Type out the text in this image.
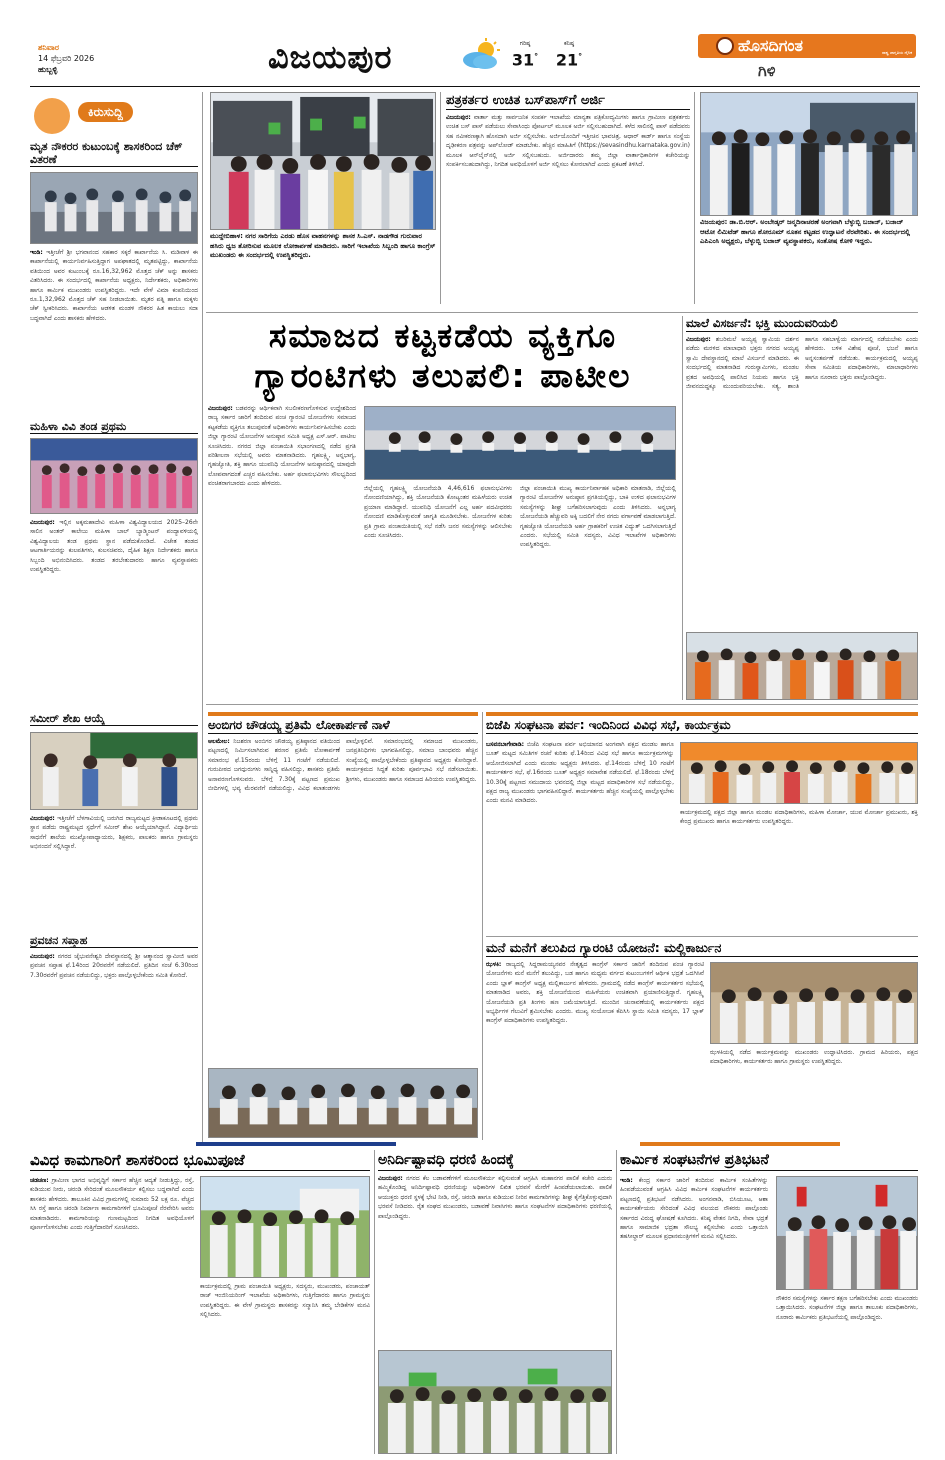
ಶನಿವಾರ
14 ಫೆಬ್ರವರಿ 2026
ಹುಬ್ಬಳ್ಳಿ	ವಿಜಯಪುರ	ಗರಿಷ್ಠ
31°
ಕನಿಷ್ಠ
21°
ಹೊಸದಿಗಂತ	ರಾಷ್ಟ್ರ ಜಾಗೃತಿಯ ದೈನಿಕ
ಗಿಳಿ
ಕಿರುಸುದ್ದಿ
ಮೃತ ನೌಕರರ ಕುಟುಂಬಕ್ಕೆ ಶಾಸಕರಿಂದ ಚೆಕ್ ವಿತರಣೆ
ಇಂಡಿ: ಇತ್ತೀಚೆಗೆ ಶ್ರೀ ಭಗವಾನಂದ ಸಹಕಾರ ಸಕ್ಕರೆ ಕಾರ್ಖಾನೆಯ ಸಿ. ಮಡಿವಾಳ ಈ ಕಾರ್ಖಾನೆಯಲ್ಲಿ ಕಾರ್ಯನಿರ್ವಹಿಸುತ್ತಿದ್ದಾಗ ಅಪಘಾತದಲ್ಲಿ ಮೃತಪಟ್ಟಿದ್ದು, ಕಾರ್ಖಾನೆಯ ವತಿಯಿಂದ ಅವರ ಕುಟುಂಬಕ್ಕೆ ರೂ.16,32,962 ಮೊತ್ತದ ಚೆಕ್ ಅನ್ನು ಶಾಸಕರು ವಿತರಿಸಿದರು. ಈ ಸಂದರ್ಭದಲ್ಲಿ ಕಾರ್ಖಾನೆಯ ಅಧ್ಯಕ್ಷರು, ನಿರ್ದೇಶಕರು, ಅಧಿಕಾರಿಗಳು ಹಾಗೂ ಕಾರ್ಮಿಕ ಮುಖಂಡರು ಉಪಸ್ಥಿತರಿದ್ದರು. ಇದೇ ವೇಳೆ ವಿಮಾ ಕಂಪನಿಯಿಂದ ರೂ.1,32,962 ಮೊತ್ತದ ಚೆಕ್ ಸಹ ನೀಡಲಾಯಿತು. ಮೃತರ ಪತ್ನಿ ಹಾಗೂ ಮಕ್ಕಳು ಚೆಕ್ ಸ್ವೀಕರಿಸಿದರು. ಕಾರ್ಖಾನೆಯ ಆಡಳಿತ ಮಂಡಳಿ ನೌಕರರ ಹಿತ ಕಾಯಲು ಸದಾ ಬದ್ಧವಾಗಿದೆ ಎಂದು ಶಾಸಕರು ಹೇಳಿದರು.
ಮಹಿಳಾ ವಿವಿ ತಂಡ ಪ್ರಥಮ
ವಿಜಯಪುರ: ಇಲ್ಲಿನ ಅಕ್ಕಮಹಾದೇವಿ ಮಹಿಳಾ ವಿಶ್ವವಿದ್ಯಾಲಯದ 2025–26ನೇ ಸಾಲಿನ ಅಂತರ್ ಕಾಲೇಜು ಮಹಿಳಾ ಬಾಲ್ ಬ್ಯಾಡ್ಮಿಂಟನ್ ಪಂದ್ಯಾವಳಿಯಲ್ಲಿ ವಿಶ್ವವಿದ್ಯಾಲಯ ತಂಡ ಪ್ರಥಮ ಸ್ಥಾನ ಪಡೆದುಕೊಂಡಿದೆ. ವಿಜೇತ ತಂಡದ ಆಟಗಾರ್ತಿಯರನ್ನು ಕುಲಪತಿಗಳು, ಕುಲಸಚಿವರು, ದೈಹಿಕ ಶಿಕ್ಷಣ ನಿರ್ದೇಶಕರು ಹಾಗೂ ಸಿಬ್ಬಂದಿ ಅಭಿನಂದಿಸಿದರು. ತಂಡದ ತರಬೇತುದಾರರು ಹಾಗೂ ವ್ಯವಸ್ಥಾಪಕರು ಉಪಸ್ಥಿತರಿದ್ದರು.
ಸಮೀರ್ ಶೇಖ ಆಯ್ಕೆ
ವಿಜಯಪುರ: ಇತ್ತೀಚೆಗೆ ಬೆಳಗಾವಿಯಲ್ಲಿ ಜರುಗಿದ ರಾಜ್ಯಮಟ್ಟದ ಕ್ರೀಡಾಕೂಟದಲ್ಲಿ ಪ್ರಥಮ ಸ್ಥಾನ ಪಡೆದು ರಾಷ್ಟ್ರಮಟ್ಟದ ಸ್ಪರ್ಧೆಗೆ ಸಮೀರ್ ಶೇಖ ಆಯ್ಕೆಯಾಗಿದ್ದಾನೆ. ವಿದ್ಯಾರ್ಥಿಯ ಸಾಧನೆಗೆ ಶಾಲೆಯ ಮುಖ್ಯೋಪಾಧ್ಯಾಯರು, ಶಿಕ್ಷಕರು, ಪಾಲಕರು ಹಾಗೂ ಗ್ರಾಮಸ್ಥರು ಅಭಿನಂದನೆ ಸಲ್ಲಿಸಿದ್ದಾರೆ.
ಪ್ರವಚನ ಸಪ್ತಾಹ
ವಿಜಯಪುರ: ನಗರದ ಜೈಭುವನೇಶ್ವರಿ ದೇವಸ್ಥಾನದಲ್ಲಿ ಶ್ರೀ ಆತ್ಮಾನಂದ ಸ್ವಾಮೀಜಿ ಅವರ ಪ್ರವಚನ ಸಪ್ತಾಹ ಫೆ.14ರಿಂದ 20ರವರೆಗೆ ನಡೆಯಲಿದೆ. ಪ್ರತಿದಿನ ಸಂಜೆ 6.30ರಿಂದ 7.30ರವರೆಗೆ ಪ್ರವಚನ ನಡೆಯಲಿದ್ದು, ಭಕ್ತರು ಪಾಲ್ಗೊಳ್ಳಬೇಕೆಂದು ಸಮಿತಿ ಕೋರಿದೆ.
ಮುದ್ದೇಬಿಹಾಳ: ನಗರ ಸಾರಿಗೆಯ ಎರಡು ಹೊಸ ವಾಹನಗಳನ್ನು ಶಾಸಕ ಸಿ.ಎಸ್. ನಾಡಗೌಡ ಗುರುವಾರ ಹಸಿರು ಧ್ವಜ ತೋರಿಸುವ ಮೂಲಕ ಲೋಕಾರ್ಪಣೆ ಮಾಡಿದರು. ಸಾರಿಗೆ ಇಲಾಖೆಯ ಸಿಬ್ಬಂದಿ ಹಾಗೂ ಕಾಂಗ್ರೆಸ್ ಮುಖಂಡರು ಈ ಸಂದರ್ಭದಲ್ಲಿ ಉಪಸ್ಥಿತರಿದ್ದರು.
ಪತ್ರಕರ್ತರ ಉಚಿತ ಬಸ್‌ಪಾಸ್‌ಗೆ ಅರ್ಜಿ
ವಿಜಯಪುರ: ವಾರ್ತಾ ಮತ್ತು ಸಾರ್ವಜನಿಕ ಸಂಪರ್ಕ ಇಲಾಖೆಯ ಮಾನ್ಯತಾ ಪತ್ರಿಕೋದ್ಯಮಿಗಳು ಹಾಗೂ ಗ್ರಾಮೀಣ ಪತ್ರಕರ್ತರು ಉಚಿತ ಬಸ್ ಪಾಸ್ ಪಡೆಯಲು ಸೇವಾಸಿಂಧು ಪೋರ್ಟಲ್ ಮೂಲಕ ಅರ್ಜಿ ಸಲ್ಲಿಸಬಹುದಾಗಿದೆ. ಕಳೆದ ಸಾಲಿನಲ್ಲಿ ಪಾಸ್ ಪಡೆದವರು ಸಹ ನವೀಕರಣಕ್ಕಾಗಿ ಹೊಸದಾಗಿ ಅರ್ಜಿ ಸಲ್ಲಿಸಬೇಕು. ಅರ್ಜಿಯೊಂದಿಗೆ ಇತ್ತೀಚಿನ ಭಾವಚಿತ್ರ, ಆಧಾರ್ ಕಾರ್ಡ್ ಹಾಗೂ ಸಂಸ್ಥೆಯ ದೃಢೀಕರಣ ಪತ್ರವನ್ನು ಅಪ್‌ಲೋಡ್ ಮಾಡಬೇಕು. ಹೆಚ್ಚಿನ ಮಾಹಿತಿಗೆ (https://sevasindhu.karnataka.gov.in) ಮೂಲಕ ಆನ್‌ಲೈನ್‌ನಲ್ಲಿ ಅರ್ಜಿ ಸಲ್ಲಿಸಬಹುದು. ಅರ್ಜಿದಾರರು ತಮ್ಮ ಜಿಲ್ಲಾ ವಾರ್ತಾಧಿಕಾರಿಗಳ ಕಚೇರಿಯನ್ನು ಸಂಪರ್ಕಿಸಬಹುದಾಗಿದ್ದು, ನಿಗದಿತ ಅವಧಿಯೊಳಗೆ ಅರ್ಜಿ ಸಲ್ಲಿಸಲು ಕೋರಲಾಗಿದೆ ಎಂದು ಪ್ರಕಟಣೆ ತಿಳಿಸಿದೆ.
ವಿಜಯಪುರ: ಡಾ.ಬಿ.ಆರ್. ಅಂಬೇಡ್ಕರ್ ಜನ್ಮದಿನಾಚರಣೆ ಅಂಗವಾಗಿ ಬೆಳ್ಳುಬ್ಬಿ ಬಜಾಜ್, ಬಜಾಜ್ ಆಟೋ ಲಿಮಿಟೆಡ್ ಹಾಗೂ ಶೋರೂಮ್ ನೂತನ ಕಟ್ಟಡದ ಉದ್ಘಾಟನೆ ನೆರವೇರಿತು. ಈ ಸಂದರ್ಭದಲ್ಲಿ ಎಪಿಎಂಸಿ ಅಧ್ಯಕ್ಷರು, ಬೆಳ್ಳುಬ್ಬಿ ಬಜಾಜ್ ವ್ಯವಸ್ಥಾಪಕರು, ಸಂತೋಷ ಕೋಳಿ ಇದ್ದರು.
ಸಮಾಜದ ಕಟ್ಟಕಡೆಯ ವ್ಯಕ್ತಿಗೂ
ಗ್ಯಾರಂಟಿಗಳು ತಲುಪಲಿ: ಪಾಟೀಲ
ವಿಜಯಪುರ: ಬಡವರನ್ನು ಆರ್ಥಿಕವಾಗಿ ಸಬಲೀಕರಣಗೊಳಿಸುವ ಉದ್ದೇಶದಿಂದ ರಾಜ್ಯ ಸರ್ಕಾರ ಜಾರಿಗೆ ತಂದಿರುವ ಪಂಚ ಗ್ಯಾರಂಟಿ ಯೋಜನೆಗಳು ಸಮಾಜದ ಕಟ್ಟಕಡೆಯ ವ್ಯಕ್ತಿಗೂ ತಲುಪುವಂತೆ ಅಧಿಕಾರಿಗಳು ಕಾರ್ಯನಿರ್ವಹಿಸಬೇಕು ಎಂದು ಜಿಲ್ಲಾ ಗ್ಯಾರಂಟಿ ಯೋಜನೆಗಳ ಅನುಷ್ಠಾನ ಸಮಿತಿ ಅಧ್ಯಕ್ಷ ಎಸ್.ಆರ್. ಪಾಟೀಲ ಸೂಚಿಸಿದರು. ನಗರದ ಜಿಲ್ಲಾ ಪಂಚಾಯಿತಿ ಸಭಾಂಗಣದಲ್ಲಿ ನಡೆದ ಪ್ರಗತಿ ಪರಿಶೀಲನಾ ಸಭೆಯಲ್ಲಿ ಅವರು ಮಾತನಾಡಿದರು. ಗೃಹಲಕ್ಷ್ಮಿ, ಅನ್ನಭಾಗ್ಯ, ಗೃಹಜ್ಯೋತಿ, ಶಕ್ತಿ ಹಾಗೂ ಯುವನಿಧಿ ಯೋಜನೆಗಳ ಅನುಷ್ಠಾನದಲ್ಲಿ ಯಾವುದೇ ಲೋಪವಾಗದಂತೆ ಎಚ್ಚರ ವಹಿಸಬೇಕು. ಅರ್ಹ ಫಲಾನುಭವಿಗಳು ಸೌಲಭ್ಯದಿಂದ ವಂಚಿತರಾಗಬಾರದು ಎಂದು ಹೇಳಿದರು.
ಜಿಲ್ಲೆಯಲ್ಲಿ ಗೃಹಲಕ್ಷ್ಮಿ ಯೋಜನೆಯಡಿ 4,46,616 ಫಲಾನುಭವಿಗಳು ನೋಂದಣಿಯಾಗಿದ್ದು, ಶಕ್ತಿ ಯೋಜನೆಯಡಿ ಕೋಟ್ಯಂತರ ಮಹಿಳೆಯರು ಉಚಿತ ಪ್ರಯಾಣ ಮಾಡಿದ್ದಾರೆ. ಯುವನಿಧಿ ಯೋಜನೆಗೆ ಎಲ್ಲ ಅರ್ಹ ಪದವೀಧರರು ನೋಂದಣಿ ಮಾಡಿಕೊಳ್ಳುವಂತೆ ಜಾಗೃತಿ ಮೂಡಿಸಬೇಕು. ಯೋಜನೆಗಳ ಕುರಿತು ಪ್ರತಿ ಗ್ರಾಮ ಪಂಚಾಯಿತಿಯಲ್ಲಿ ಸಭೆ ನಡೆಸಿ ಜನರ ಸಮಸ್ಯೆಗಳನ್ನು ಆಲಿಸಬೇಕು ಎಂದು ಸೂಚಿಸಿದರು.
ಜಿಲ್ಲಾ ಪಂಚಾಯಿತಿ ಮುಖ್ಯ ಕಾರ್ಯನಿರ್ವಾಹಕ ಅಧಿಕಾರಿ ಮಾತನಾಡಿ, ಜಿಲ್ಲೆಯಲ್ಲಿ ಗ್ಯಾರಂಟಿ ಯೋಜನೆಗಳ ಅನುಷ್ಠಾನ ಪ್ರಗತಿಯಲ್ಲಿದ್ದು, ಬಾಕಿ ಉಳಿದ ಫಲಾನುಭವಿಗಳ ಸಮಸ್ಯೆಗಳನ್ನು ಶೀಘ್ರ ಬಗೆಹರಿಸಲಾಗುವುದು ಎಂದು ತಿಳಿಸಿದರು. ಅನ್ನಭಾಗ್ಯ ಯೋಜನೆಯಡಿ ಹೆಚ್ಚುವರಿ ಅಕ್ಕಿ ಬದಲಿಗೆ ನೇರ ನಗದು ವರ್ಗಾವಣೆ ಮಾಡಲಾಗುತ್ತಿದೆ. ಗೃಹಜ್ಯೋತಿ ಯೋಜನೆಯಡಿ ಅರ್ಹ ಗ್ರಾಹಕರಿಗೆ ಉಚಿತ ವಿದ್ಯುತ್ ಒದಗಿಸಲಾಗುತ್ತಿದೆ ಎಂದರು. ಸಭೆಯಲ್ಲಿ ಸಮಿತಿ ಸದಸ್ಯರು, ವಿವಿಧ ಇಲಾಖೆಗಳ ಅಧಿಕಾರಿಗಳು ಉಪಸ್ಥಿತರಿದ್ದರು.
ಮಾಲೆ ವಿಸರ್ಜನೆ: ಭಕ್ತಿ ಮುಂದುವರಿಯಲಿ
ವಿಜಯಪುರ: ಶಬರಿಮಲೆ ಅಯ್ಯಪ್ಪ ಸ್ವಾಮಿಯ ದರ್ಶನ ಪಡೆದು ಮರಳಿದ ಮಾಲಾಧಾರಿ ಭಕ್ತರು ನಗರದ ಅಯ್ಯಪ್ಪ ಸ್ವಾಮಿ ದೇವಸ್ಥಾನದಲ್ಲಿ ಮಾಲೆ ವಿಸರ್ಜನೆ ಮಾಡಿದರು. ಈ ಸಂದರ್ಭದಲ್ಲಿ ಮಾತನಾಡಿದ ಗುರುಸ್ವಾಮಿಗಳು, ಮಂಡಲ ವ್ರತದ ಅವಧಿಯಲ್ಲಿ ಪಾಲಿಸಿದ ನಿಯಮ ಹಾಗೂ ಭಕ್ತಿ ಜೀವನದುದ್ದಕ್ಕೂ ಮುಂದುವರಿಯಬೇಕು. ಸತ್ಯ, ಶಾಂತಿ ಹಾಗೂ ಸಹಬಾಳ್ವೆಯ ಮಾರ್ಗದಲ್ಲಿ ನಡೆಯಬೇಕು ಎಂದು ಹೇಳಿದರು. ಬಳಿಕ ವಿಶೇಷ ಪೂಜೆ, ಭಜನೆ ಹಾಗೂ ಅನ್ನಸಂತರ್ಪಣೆ ನಡೆಯಿತು. ಕಾರ್ಯಕ್ರಮದಲ್ಲಿ ಅಯ್ಯಪ್ಪ ಸೇವಾ ಸಮಿತಿಯ ಪದಾಧಿಕಾರಿಗಳು, ಮಾಲಾಧಾರಿಗಳು ಹಾಗೂ ನೂರಾರು ಭಕ್ತರು ಪಾಲ್ಗೊಂಡಿದ್ದರು.
ಅಂಬಿಗರ ಚೌಡಯ್ಯ ಪ್ರತಿಮೆ ಲೋಕಾರ್ಪಣೆ ನಾಳೆ
ಆಲಮೇಲ: ನಿಜಶರಣ ಅಂಬಿಗರ ಚೌಡಯ್ಯ ಪ್ರತಿಷ್ಠಾನದ ವತಿಯಿಂದ ಪಟ್ಟಣದಲ್ಲಿ ನಿರ್ಮಿಸಲಾಗಿರುವ ಶರಣರ ಪ್ರತಿಮೆ ಲೋಕಾರ್ಪಣೆ ಸಮಾರಂಭ ಫೆ.15ರಂದು ಬೆಳಿಗ್ಗೆ 11 ಗಂಟೆಗೆ ನಡೆಯಲಿದೆ. ಗುರುಪೀಠದ ಜಗದ್ಗುರುಗಳು ಸಾನ್ನಿಧ್ಯ ವಹಿಸಲಿದ್ದು, ಶಾಸಕರು ಪ್ರತಿಮೆ ಅನಾವರಣಗೊಳಿಸುವರು. ಬೆಳಿಗ್ಗೆ 7.30ಕ್ಕೆ ಪಟ್ಟಣದ ಪ್ರಮುಖ ಬೀದಿಗಳಲ್ಲಿ ಭವ್ಯ ಮೆರವಣಿಗೆ ನಡೆಯಲಿದ್ದು, ವಿವಿಧ ಕಲಾತಂಡಗಳು ಪಾಲ್ಗೊಳ್ಳಲಿವೆ. ಸಮಾರಂಭದಲ್ಲಿ ಸಮಾಜದ ಮುಖಂಡರು, ಜನಪ್ರತಿನಿಧಿಗಳು ಭಾಗವಹಿಸಲಿದ್ದು, ಸಮಾಜ ಬಾಂಧವರು ಹೆಚ್ಚಿನ ಸಂಖ್ಯೆಯಲ್ಲಿ ಪಾಲ್ಗೊಳ್ಳಬೇಕೆಂದು ಪ್ರತಿಷ್ಠಾನದ ಅಧ್ಯಕ್ಷರು ಕೋರಿದ್ದಾರೆ. ಕಾರ್ಯಕ್ರಮದ ಸಿದ್ಧತೆ ಕುರಿತು ಪೂರ್ವಭಾವಿ ಸಭೆ ನಡೆಸಲಾಯಿತು. ಶ್ರೀಗಳು, ಮುಖಂಡರು ಹಾಗೂ ಸಮಾಜದ ಹಿರಿಯರು ಉಪಸ್ಥಿತರಿದ್ದರು.
ಬಿಜೆಪಿ ಸಂಘಟನಾ ಪರ್ವ: ಇಂದಿನಿಂದ ವಿವಿಧ ಸಭೆ, ಕಾರ್ಯಕ್ರಮ
ಬಸವನಬಾಗೇವಾಡಿ: ಬಿಜೆಪಿ ಸಂಘಟನಾ ಪರ್ವ ಅಭಿಯಾನದ ಅಂಗವಾಗಿ ಪಕ್ಷದ ಮಂಡಲ ಹಾಗೂ ಬೂತ್ ಮಟ್ಟದ ಸಮಿತಿಗಳ ರಚನೆ ಕುರಿತು ಫೆ.14ರಿಂದ ವಿವಿಧ ಸಭೆ ಹಾಗೂ ಕಾರ್ಯಕ್ರಮಗಳನ್ನು ಆಯೋಜಿಸಲಾಗಿದೆ ಎಂದು ಮಂಡಲ ಅಧ್ಯಕ್ಷರು ತಿಳಿಸಿದರು. ಫೆ.14ರಂದು ಬೆಳಿಗ್ಗೆ 10 ಗಂಟೆಗೆ ಕಾರ್ಯಕರ್ತರ ಸಭೆ, ಫೆ.16ರಂದು ಬೂತ್ ಅಧ್ಯಕ್ಷರ ಸಮಾವೇಶ ನಡೆಯಲಿದೆ. ಫೆ.18ರಂದು ಬೆಳಿಗ್ಗೆ 10.30ಕ್ಕೆ ಪಟ್ಟಣದ ಸಮುದಾಯ ಭವನದಲ್ಲಿ ಜಿಲ್ಲಾ ಮಟ್ಟದ ಪದಾಧಿಕಾರಿಗಳ ಸಭೆ ನಡೆಯಲಿದ್ದು, ಪಕ್ಷದ ರಾಜ್ಯ ಮುಖಂಡರು ಭಾಗವಹಿಸಲಿದ್ದಾರೆ. ಕಾರ್ಯಕರ್ತರು ಹೆಚ್ಚಿನ ಸಂಖ್ಯೆಯಲ್ಲಿ ಪಾಲ್ಗೊಳ್ಳಬೇಕು ಎಂದು ಮನವಿ ಮಾಡಿದರು.
ಕಾರ್ಯಕ್ರಮದಲ್ಲಿ ಪಕ್ಷದ ಜಿಲ್ಲಾ ಹಾಗೂ ಮಂಡಲ ಪದಾಧಿಕಾರಿಗಳು, ಮಹಿಳಾ ಮೋರ್ಚಾ, ಯುವ ಮೋರ್ಚಾ ಪ್ರಮುಖರು, ಶಕ್ತಿ ಕೇಂದ್ರ ಪ್ರಮುಖರು ಹಾಗೂ ಕಾರ್ಯಕರ್ತರು ಉಪಸ್ಥಿತರಿದ್ದರು.
ಮನೆ ಮನೆಗೆ ತಲುಪಿದ ಗ್ಯಾರಂಟಿ ಯೋಜನೆ: ಮಲ್ಲಿಕಾರ್ಜುನ
ಝಳಕಿ: ರಾಜ್ಯದಲ್ಲಿ ಸಿದ್ದರಾಮಯ್ಯನವರ ನೇತೃತ್ವದ ಕಾಂಗ್ರೆಸ್ ಸರ್ಕಾರ ಜಾರಿಗೆ ತಂದಿರುವ ಪಂಚ ಗ್ಯಾರಂಟಿ ಯೋಜನೆಗಳು ಮನೆ ಮನೆಗೆ ತಲುಪಿದ್ದು, ಬಡ ಹಾಗೂ ಮಧ್ಯಮ ವರ್ಗದ ಕುಟುಂಬಗಳಿಗೆ ಆರ್ಥಿಕ ಭದ್ರತೆ ಒದಗಿಸಿವೆ ಎಂದು ಬ್ಲಾಕ್ ಕಾಂಗ್ರೆಸ್ ಅಧ್ಯಕ್ಷ ಮಲ್ಲಿಕಾರ್ಜುನ ಹೇಳಿದರು. ಗ್ರಾಮದಲ್ಲಿ ನಡೆದ ಕಾಂಗ್ರೆಸ್ ಕಾರ್ಯಕರ್ತರ ಸಭೆಯಲ್ಲಿ ಮಾತನಾಡಿದ ಅವರು, ಶಕ್ತಿ ಯೋಜನೆಯಿಂದ ಮಹಿಳೆಯರು ಉಚಿತವಾಗಿ ಪ್ರಯಾಣಿಸುತ್ತಿದ್ದಾರೆ. ಗೃಹಲಕ್ಷ್ಮಿ ಯೋಜನೆಯಡಿ ಪ್ರತಿ ತಿಂಗಳು ಹಣ ಜಮೆಯಾಗುತ್ತಿದೆ. ಮುಂದಿನ ಚುನಾವಣೆಯಲ್ಲಿ ಕಾರ್ಯಕರ್ತರು ಪಕ್ಷದ ಅಭ್ಯರ್ಥಿಗಳ ಗೆಲುವಿಗೆ ಶ್ರಮಿಸಬೇಕು ಎಂದರು. ಮುಖ್ಯ ಸಂಯೋಜಕ ಕೆಪಿಸಿಸಿ ಸ್ಥಾಯಿ ಸಮಿತಿ ಸದಸ್ಯರು, 17 ಬ್ಲಾಕ್ ಕಾಂಗ್ರೆಸ್ ಪದಾಧಿಕಾರಿಗಳು ಉಪಸ್ಥಿತರಿದ್ದರು.
ಝಳಕಿಯಲ್ಲಿ ನಡೆದ ಕಾರ್ಯಕ್ರಮವನ್ನು ಮುಖಂಡರು ಉದ್ಘಾಟಿಸಿದರು. ಗ್ರಾಮದ ಹಿರಿಯರು, ಪಕ್ಷದ ಪದಾಧಿಕಾರಿಗಳು, ಕಾರ್ಯಕರ್ತರು ಹಾಗೂ ಗ್ರಾಮಸ್ಥರು ಉಪಸ್ಥಿತರಿದ್ದರು.
ವಿವಿಧ ಕಾಮಗಾರಿಗೆ ಶಾಸಕರಿಂದ ಭೂಮಿಪೂಜೆ
ಚಡಚಣ: ಗ್ರಾಮೀಣ ಭಾಗದ ಅಭಿವೃದ್ಧಿಗೆ ಸರ್ಕಾರ ಹೆಚ್ಚಿನ ಆದ್ಯತೆ ನೀಡುತ್ತಿದ್ದು, ರಸ್ತೆ, ಕುಡಿಯುವ ನೀರು, ಚರಂಡಿ ಸೇರಿದಂತೆ ಮೂಲಸೌಕರ್ಯ ಕಲ್ಪಿಸಲು ಬದ್ಧವಾಗಿದೆ ಎಂದು ಶಾಸಕರು ಹೇಳಿದರು. ತಾಲೂಕಿನ ವಿವಿಧ ಗ್ರಾಮಗಳಲ್ಲಿ ಸುಮಾರು 52 ಲಕ್ಷ ರೂ. ವೆಚ್ಚದ ಸಿಸಿ ರಸ್ತೆ ಹಾಗೂ ಚರಂಡಿ ನಿರ್ಮಾಣ ಕಾಮಗಾರಿಗಳಿಗೆ ಭೂಮಿಪೂಜೆ ನೆರವೇರಿಸಿ ಅವರು ಮಾತನಾಡಿದರು. ಕಾಮಗಾರಿಯನ್ನು ಗುಣಮಟ್ಟದಿಂದ ನಿಗದಿತ ಅವಧಿಯೊಳಗೆ ಪೂರ್ಣಗೊಳಿಸಬೇಕು ಎಂದು ಗುತ್ತಿಗೆದಾರರಿಗೆ ಸೂಚಿಸಿದರು.
ಕಾರ್ಯಕ್ರಮದಲ್ಲಿ ಗ್ರಾಮ ಪಂಚಾಯಿತಿ ಅಧ್ಯಕ್ಷರು, ಸದಸ್ಯರು, ಮುಖಂಡರು, ಪಂಚಾಯತ್ ರಾಜ್ ಇಂಜಿನಿಯರಿಂಗ್ ಇಲಾಖೆಯ ಅಧಿಕಾರಿಗಳು, ಗುತ್ತಿಗೆದಾರರು ಹಾಗೂ ಗ್ರಾಮಸ್ಥರು ಉಪಸ್ಥಿತರಿದ್ದರು. ಈ ವೇಳೆ ಗ್ರಾಮಸ್ಥರು ಶಾಸಕರನ್ನು ಸನ್ಮಾನಿಸಿ ತಮ್ಮ ಬೇಡಿಕೆಗಳ ಮನವಿ ಸಲ್ಲಿಸಿದರು.
ಅನಿರ್ದಿಷ್ಟಾವಧಿ ಧರಣಿ ಹಿಂದಕ್ಕೆ
ವಿಜಯಪುರ: ನಗರದ ಕೆಲ ಬಡಾವಣೆಗಳಿಗೆ ಮೂಲಸೌಕರ್ಯ ಕಲ್ಪಿಸುವಂತೆ ಆಗ್ರಹಿಸಿ ಮಹಾನಗರ ಪಾಲಿಕೆ ಕಚೇರಿ ಎದುರು ಹಮ್ಮಿಕೊಂಡಿದ್ದ ಅನಿರ್ದಿಷ್ಟಾವಧಿ ಧರಣಿಯನ್ನು ಅಧಿಕಾರಿಗಳ ಲಿಖಿತ ಭರವಸೆ ಮೇರೆಗೆ ಹಿಂಪಡೆಯಲಾಯಿತು. ಪಾಲಿಕೆ ಆಯುಕ್ತರು ಧರಣಿ ಸ್ಥಳಕ್ಕೆ ಭೇಟಿ ನೀಡಿ, ರಸ್ತೆ, ಚರಂಡಿ ಹಾಗೂ ಕುಡಿಯುವ ನೀರಿನ ಕಾಮಗಾರಿಗಳನ್ನು ಶೀಘ್ರ ಕೈಗೆತ್ತಿಕೊಳ್ಳುವುದಾಗಿ ಭರವಸೆ ನೀಡಿದರು. ರೈತ ಸಂಘದ ಮುಖಂಡರು, ಬಡಾವಣೆ ನಿವಾಸಿಗಳು ಹಾಗೂ ಸಂಘಟನೆಗಳ ಪದಾಧಿಕಾರಿಗಳು ಧರಣಿಯಲ್ಲಿ ಪಾಲ್ಗೊಂಡಿದ್ದರು.
ಕಾರ್ಮಿಕ ಸಂಘಟನೆಗಳ ಪ್ರತಿಭಟನೆ
ಇಂಡಿ: ಕೇಂದ್ರ ಸರ್ಕಾರ ಜಾರಿಗೆ ತಂದಿರುವ ಕಾರ್ಮಿಕ ಸಂಹಿತೆಗಳನ್ನು ಹಿಂಪಡೆಯುವಂತೆ ಆಗ್ರಹಿಸಿ ವಿವಿಧ ಕಾರ್ಮಿಕ ಸಂಘಟನೆಗಳ ಕಾರ್ಯಕರ್ತರು ಪಟ್ಟಣದಲ್ಲಿ ಪ್ರತಿಭಟನೆ ನಡೆಸಿದರು. ಅಂಗನವಾಡಿ, ಬಿಸಿಯೂಟ, ಆಶಾ ಕಾರ್ಯಕರ್ತೆಯರು ಸೇರಿದಂತೆ ವಿವಿಧ ವಲಯದ ನೌಕರರು ಪಾಲ್ಗೊಂಡು ಸರ್ಕಾರದ ವಿರುದ್ಧ ಘೋಷಣೆ ಕೂಗಿದರು. ಕನಿಷ್ಠ ವೇತನ ನಿಗದಿ, ಸೇವಾ ಭದ್ರತೆ ಹಾಗೂ ಸಾಮಾಜಿಕ ಭದ್ರತಾ ಸೌಲಭ್ಯ ಕಲ್ಪಿಸಬೇಕು ಎಂದು ಒತ್ತಾಯಿಸಿ ತಹಸೀಲ್ದಾರ್ ಮೂಲಕ ಪ್ರಧಾನಮಂತ್ರಿಗಳಿಗೆ ಮನವಿ ಸಲ್ಲಿಸಿದರು.
ನೌಕರರ ಸಮಸ್ಯೆಗಳನ್ನು ಸರ್ಕಾರ ತಕ್ಷಣ ಬಗೆಹರಿಸಬೇಕು ಎಂದು ಮುಖಂಡರು ಒತ್ತಾಯಿಸಿದರು. ಸಂಘಟನೆಗಳ ಜಿಲ್ಲಾ ಹಾಗೂ ತಾಲೂಕು ಪದಾಧಿಕಾರಿಗಳು, ನೂರಾರು ಕಾರ್ಮಿಕರು ಪ್ರತಿಭಟನೆಯಲ್ಲಿ ಪಾಲ್ಗೊಂಡಿದ್ದರು.
